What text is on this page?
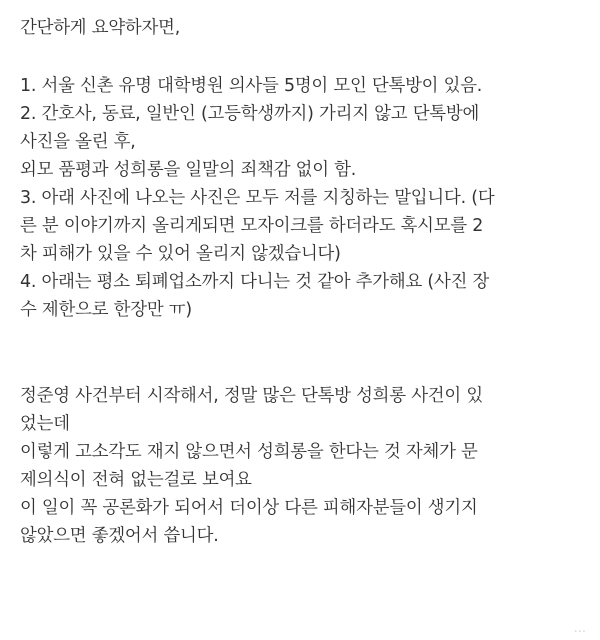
간단하게 요약하자면,
1. 서울 신촌 유명 대학병원 의사들 5명이 모인 단톡방이 있음.
2. 간호사, 동료, 일반인 (고등학생까지) 가리지 않고 단톡방에
사진을 올린 후,
외모 품평과 성희롱을 일말의 죄책감 없이 함.
3. 아래 사진에 나오는 사진은 모두 저를 지칭하는 말입니다. (다
른 분 이야기까지 올리게되면 모자이크를 하더라도 혹시모를 2
차 피해가 있을 수 있어 올리지 않겠습니다)
4. 아래는 평소 퇴폐업소까지 다니는 것 같아 추가해요 (사진 장
수 제한으로 한장만 ㅠ)
정준영 사건부터 시작해서, 정말 많은 단톡방 성희롱 사건이 있
었는데
이렇게 고소각도 재지 않으면서 성희롱을 한다는 것 자체가 문
제의식이 전혀 없는걸로 보여요
이 일이 꼭 공론화가 되어서 더이상 다른 피해자분들이 생기지
않았으면 좋겠어서 씁니다.
...
